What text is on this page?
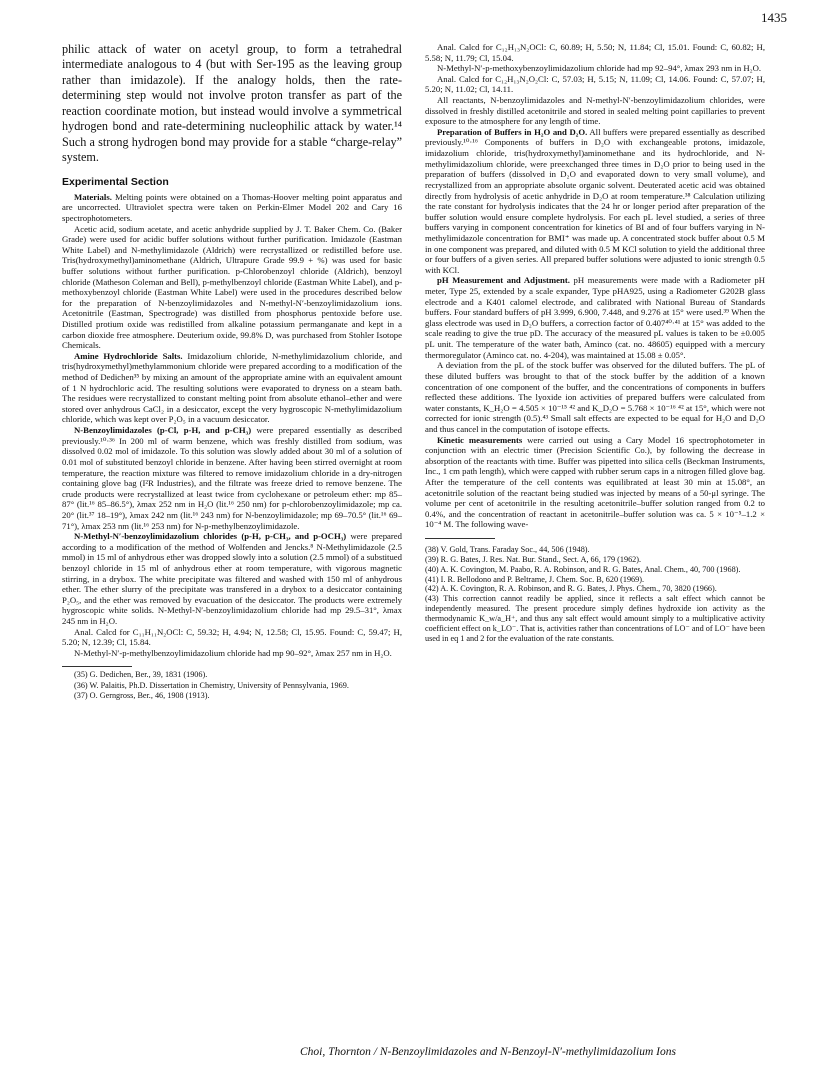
1435

philic attack of water on acetyl group, to form a tetrahedral intermediate analogous to 4 (but with Ser-195 as the leaving group rather than imidazole). If the analogy holds, then the rate-determining step would not involve proton transfer as part of the reaction coordinate motion, but instead would involve a symmetrical hydrogen bond and rate-determining nucleophilic attack by water.¹⁴ Such a strong hydrogen bond may provide for a stable “charge-relay” system.

Experimental Section

Materials. Melting points were obtained on a Thomas-Hoover melting point apparatus and are uncorrected. Ultraviolet spectra were taken on Perkin-Elmer Model 202 and Cary 16 spectrophotometers.

Acetic acid, sodium acetate, and acetic anhydride supplied by J. T. Baker Chem. Co. (Baker Grade) were used for acidic buffer solutions without further purification. Imidazole (Eastman White Label) and N-methylimidazole (Aldrich) were recrystallized or redistilled before use. Tris(hydroxymethyl)aminomethane (Aldrich, Ultrapure Grade 99.9 + %) was used for basic buffer solutions without further purification. p-Chlorobenzoyl chloride (Aldrich), benzoyl chloride (Matheson Coleman and Bell), p-methylbenzoyl chloride (Eastman White Label), and p-methoxybenzoyl chloride (Eastman White Label) were used in the procedures described below for the preparation of N-benzoylimidazoles and N-methyl-N′-benzoylimidazolium ions. Acetonitrile (Eastman, Spectrograde) was distilled from phosphorus pentoxide before use. Distilled protium oxide was redistilled from alkaline potassium permanganate and kept in a carbon dioxide free atmosphere. Deuterium oxide, 99.8% D, was purchased from Stohler Isotope Chemicals.

Amine Hydrochloride Salts. Imidazolium chloride, N-methylimidazolium chloride, and tris(hydroxymethyl)methylammonium chloride were prepared according to a modification of the method of Dedichen³⁵ by mixing an amount of the appropriate amine with an equivalent amount of 1 N hydrochloric acid. The resulting solutions were evaporated to dryness on a steam bath. The residues were recrystallized to constant melting point from absolute ethanol–ether and were stored over anhydrous CaCl₂ in a desiccator, except the very hygroscopic N-methylimidazolium chloride, which was kept over P₂O₅ in a vacuum desiccator.

N-Benzoylimidazoles (p-Cl, p-H, and p-CH₃) were prepared essentially as described previously.¹⁰·³⁶ In 200 ml of warm benzene, which was freshly distilled from sodium, was dissolved 0.02 mol of imidazole. To this solution was slowly added about 30 ml of a solution of 0.01 mol of substituted benzoyl chloride in benzene. After having been stirred overnight at room temperature, the reaction mixture was filtered to remove imidazolium chloride in a dry-nitrogen containing glove bag (I²R Industries), and the filtrate was freeze dried to remove benzene. The crude products were recrystallized at least twice from cyclohexane or petroleum ether: mp 85–87° (lit.¹⁶ 85–86.5°), λmax 252 nm in H₂O (lit.¹⁶ 250 nm) for p-chlorobenzoylimidazole; mp ca. 20° (lit.³⁷ 18–19°), λmax 242 nm (lit.¹⁶ 243 nm) for N-benzoylimidazole; mp 69–70.5° (lit.¹⁶ 69–71°), λmax 253 nm (lit.¹⁶ 253 nm) for N-p-methylbenzoylimidazole.

N-Methyl-N′-benzoylimidazolium chlorides (p-H, p-CH₃, and p-OCH₃) were prepared according to a modification of the method of Wolfenden and Jencks.⁸ N-Methylimidazole (2.5 mmol) in 15 ml of anhydrous ether was dropped slowly into a solution (2.5 mmol) of a substitued benzoyl chloride in 15 ml of anhydrous ether at room temperature, with vigorous magnetic stirring, in a drybox. The white precipitate was filtered and washed with 150 ml of anhydrous ether. The ether slurry of the precipitate was transfered in a drybox to a desiccator containing P₂O₅, and the ether was removed by evacuation of the desiccator. The products were extremely hygroscopic white solids. N-Methyl-N′-benzoylimidazolium chloride had mp 29.5–31°, λmax 245 nm in H₂O.

Anal. Calcd for C₁₁H₁₁N₂OCl: C, 59.32; H, 4.94; N, 12.58; Cl, 15.95. Found: C, 59.47; H, 5.20; N, 12.39; Cl, 15.84.

N-Methyl-N′-p-methylbenzoylimidazolium chloride had mp 90–92°, λmax 257 nm in H₂O.

(35) G. Dedichen, Ber., 39, 1831 (1906).

(36) W. Palaitis, Ph.D. Dissertation in Chemistry, University of Pennsylvania, 1969.

(37) O. Gerngross, Ber., 46, 1908 (1913).

Anal. Calcd for C₁₂H₁₃N₂OCl: C, 60.89; H, 5.50; N, 11.84; Cl, 15.01. Found: C, 60.82; H, 5.58; N, 11.79; Cl, 15.04.

N-Methyl-N′-p-methoxybenzoylimidazolium chloride had mp 92–94°, λmax 293 nm in H₂O.

Anal. Calcd for C₁₂H₁₃N₂O₂Cl: C, 57.03; H, 5.15; N, 11.09; Cl, 14.06. Found: C, 57.07; H, 5.20; N, 11.02; Cl, 14.11.

All reactants, N-benzoylimidazoles and N-methyl-N′-benzoylimidazolium chlorides, were dissolved in freshly distilled acetonitrile and stored in sealed melting point capillaries to prevent exposure to the atmosphere for any length of time.

Preparation of Buffers in H₂O and D₂O. All buffers were prepared essentially as described previously.¹⁰·¹⁶ Components of buffers in D₂O with exchangeable protons, imidazole, imidazolium chloride, tris(hydroxymethyl)aminomethane and its hydrochloride, and N-methylimidazolium chloride, were preexchanged three times in D₂O prior to being used in the preparation of buffers (dissolved in D₂O and evaporated down to very small volume), and recrystallized from an appropriate absolute organic solvent. Deuterated acetic acid was obtained directly from hydrolysis of acetic anhydride in D₂O at room temperature.³⁸ Calculation utilizing the rate constant for hydrolysis indicates that the 24 hr or longer period after preparation of the buffer solution would ensure complete hydrolysis. For each pL level studied, a series of three buffers varying in component concentration for kinetics of BI and of four buffers varying in N-methylimidazole concentration for BMI⁺ was made up. A concentrated stock buffer about 0.5 M in one component was prepared, and diluted with 0.5 M KCl solution to yield the additional three or four buffers of a given series. All prepared buffer solutions were adjusted to ionic strength 0.5 with KCl.

pH Measurement and Adjustment. pH measurements were made with a Radiometer pH meter, Type 25, extended by a scale expander, Type pHA925, using a Radiometer G202B glass electrode and a K401 calomel electrode, and calibrated with National Bureau of Standards buffers. Four standard buffers of pH 3.999, 6.900, 7.448, and 9.276 at 15° were used.³⁹ When the glass electrode was used in D₂O buffers, a correction factor of 0.407⁴⁰·⁴¹ at 15° was added to the scale reading to give the true pD. The accuracy of the measured pL values is taken to be ±0.005 pL unit. The temperature of the water bath, Aminco (cat. no. 48605) equipped with a mercury thermoregulator (Aminco cat. no. 4-204), was maintained at 15.08 ± 0.05°.

A deviation from the pL of the stock buffer was observed for the diluted buffers. The pL of these diluted buffers was brought to that of the stock buffer by the addition of a known concentration of one component of the buffer, and the concentrations of components in buffers reflected these additions. The lyoxide ion activities of prepared buffers were calculated from water constants, K_H₂O = 4.505 × 10⁻¹⁵ ⁴² and K_D₂O = 5.768 × 10⁻¹⁶ ⁴² at 15°, which were not corrected for ionic strength (0.5).⁴³ Small salt effects are expected to be equal for H₂O and D₂O and thus cancel in the computation of isotope effects.

Kinetic measurements were carried out using a Cary Model 16 spectrophotometer in conjunction with an electric timer (Precision Scientific Co.), by following the decrease in absorption of the reactants with time. Buffer was pipetted into silica cells (Beckman Instruments, Inc., 1 cm path length), which were capped with rubber serum caps in a nitrogen filled glove bag. After the temperature of the cell contents was equilibrated at least 30 min at 15.08°, an acetonitrile solution of the reactant being studied was injected by means of a 50-μl syringe. The volume per cent of acetonitrile in the resulting acetonitrile–buffer solution ranged from 0.2 to 0.4%, and the concentration of reactant in acetonitrile–buffer solution was ca. 5 × 10⁻⁵–1.2 × 10⁻⁴ M. The following wave-

(38) V. Gold, Trans. Faraday Soc., 44, 506 (1948).

(39) R. G. Bates, J. Res. Nat. Bur. Stand., Sect. A, 66, 179 (1962).

(40) A. K. Covington, M. Paabo, R. A. Robinson, and R. G. Bates, Anal. Chem., 40, 700 (1968).

(41) I. R. Bellodono and P. Beltrame, J. Chem. Soc. B, 620 (1969).

(42) A. K. Covington, R. A. Robinson, and R. G. Bates, J. Phys. Chem., 70, 3820 (1966).

(43) This correction cannot readily be applied, since it reflects a salt effect which cannot be independently measured. The present procedure simply defines hydroxide ion activity as the thermodynamic K_w/a_H⁺, and thus any salt effect would amount simply to a multiplicative activity coefficient effect on k_LO⁻. That is, activities rather than concentrations of LO⁻ and of LO⁻ have been used in eq 1 and 2 for the evaluation of the rate constants.

Choi, Thornton / N-Benzoylimidazoles and N-Benzoyl-N′-methylimidazolium Ions
